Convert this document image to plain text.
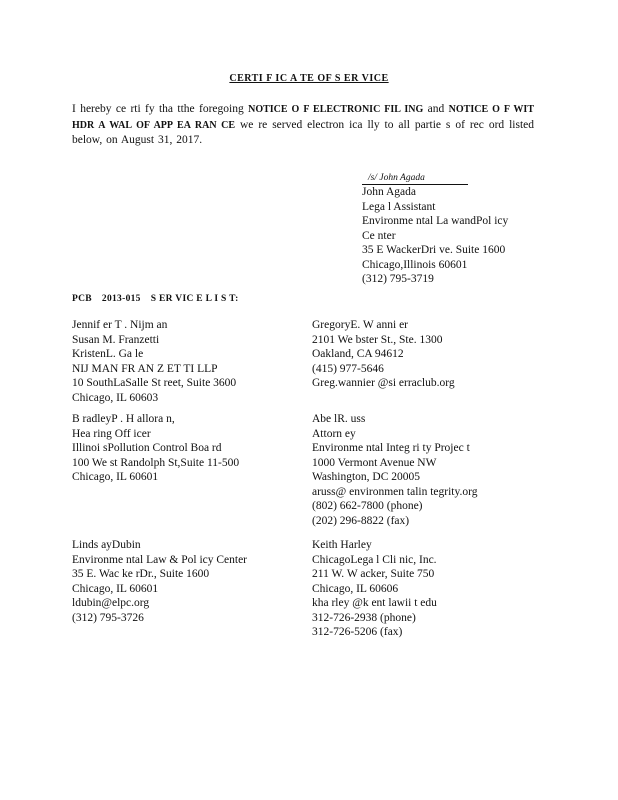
CERTI F IC A TE OF S ER VICE
I hereby ce rti fy tha tthe foregoing NOTICE O F ELECTRONIC FIL ING and NOTICE O F WIT HDR A WAL OF APP EA RAN CE we re served electron ica lly to all partie s of rec ord listed below, on August 31, 2017.
/s/ John Agada
John Agada
Lega l Assistant
Environme ntal La wandPol icy
Ce nter
35 E WackerDri ve. Suite 1600
Chicago,Illinois 60601
(312) 795-3719
PCB 2013-015 S ER VIC E L I S T:
Jennif er T . Nijm an
Susan M. Franzetti
KristenL. Ga le
NIJ MAN FR AN Z ET TI LLP
10 SouthLaSalle St reet, Suite 3600
Chicago, IL 60603
GregoryE. W anni er
2101 We bster St., Ste. 1300
Oakland, CA 94612
(415) 977-5646
Greg.wannier @si erraclub.org
B radleyP . H allora n,
Hea ring Off icer
Illinoi sPollution Control Boa rd
100 We st Randolph St,Suite 11-500
Chicago, IL 60601
Abe lR. uss
Attorn ey
Environme ntal Integ ri ty Projec t
1000 Vermont Avenue NW
Washington, DC 20005
aruss@ environmen talin tegrity.org
(802) 662-7800 (phone)
(202) 296-8822 (fax)
Linds ayDubin
Environme ntal Law & Pol icy Center
35 E. Wac ke rDr., Suite 1600
Chicago, IL 60601
ldubin@elpc.org
(312) 795-3726
Keith Harley
ChicagoLega l Cli nic, Inc.
211 W. W acker, Suite 750
Chicago, IL 60606
kha rley @k ent lawii t edu
312-726-2938 (phone)
312-726-5206 (fax)
